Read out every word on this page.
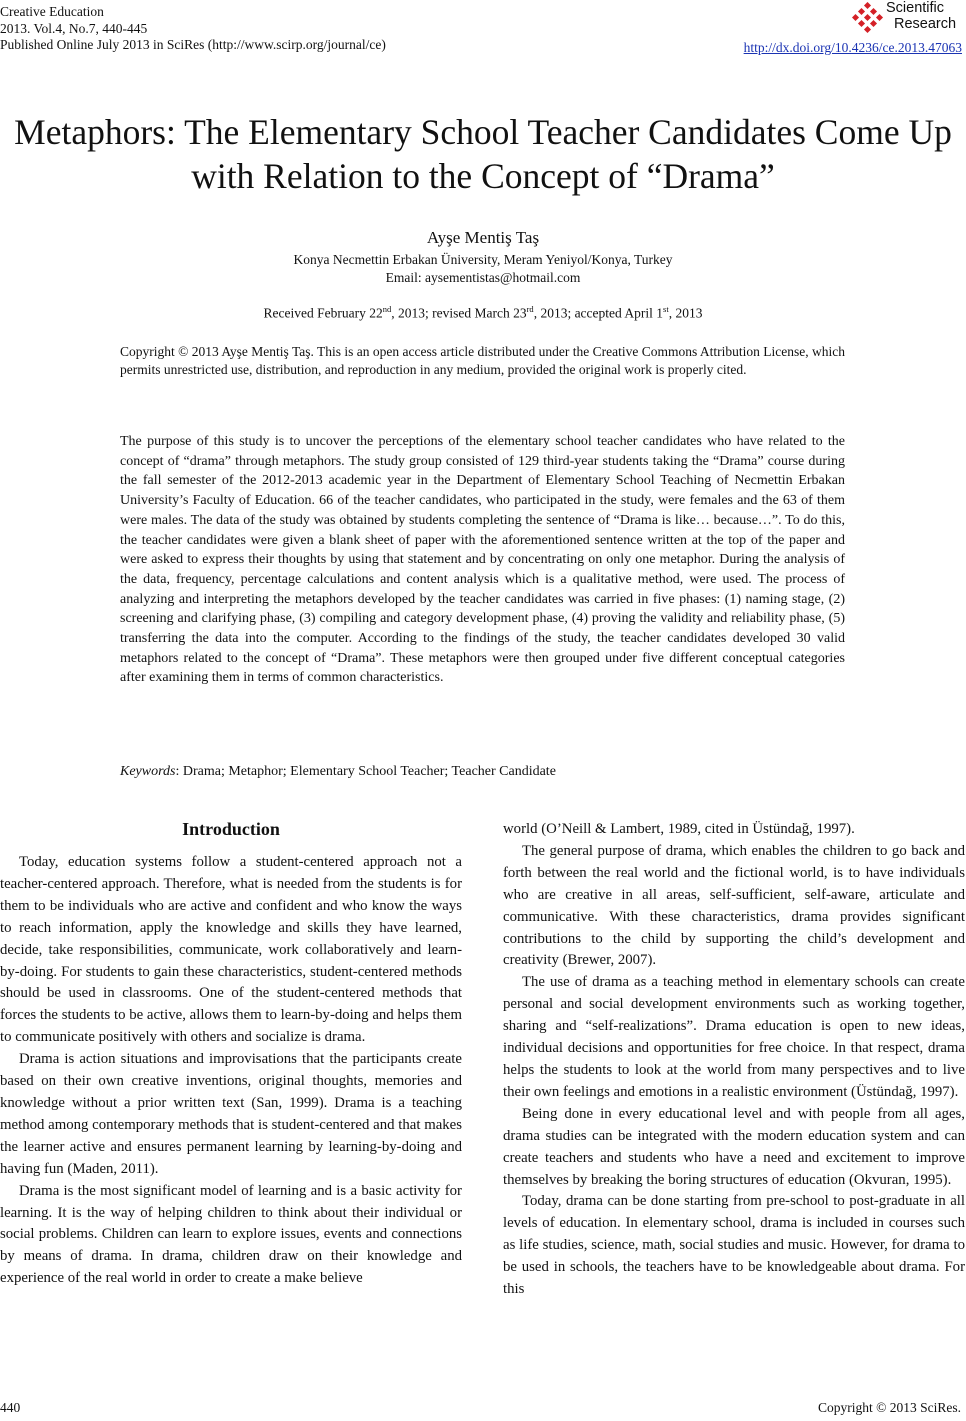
Creative Education
2013. Vol.4, No.7, 440-445
Published Online July 2013 in SciRes (http://www.scirp.org/journal/ce)
Scientific
Research
http://dx.doi.org/10.4236/ce.2013.47063
Metaphors: The Elementary School Teacher Candidates Come Up
with Relation to the Concept of “Drama”
Ayşe Mentiş Taş
Konya Necmettin Erbakan Üniversity, Meram Yeniyol/Konya, Turkey
Email: aysementistas@hotmail.com
Received February 22nd, 2013; revised March 23rd, 2013; accepted April 1st, 2013
Copyright © 2013 Ayşe Mentiş Taş. This is an open access article distributed under the Creative Commons Attribution License, which permits unrestricted use, distribution, and reproduction in any medium, provided the original work is properly cited.
The purpose of this study is to uncover the perceptions of the elementary school teacher candidates who have related to the concept of “drama” through metaphors. The study group consisted of 129 third-year students taking the “Drama” course during the fall semester of the 2012-2013 academic year in the Department of Elementary School Teaching of Necmettin Erbakan University’s Faculty of Education. 66 of the teacher candidates, who participated in the study, were females and the 63 of them were males. The data of the study was obtained by students completing the sentence of “Drama is like… because…”. To do this, the teacher candidates were given a blank sheet of paper with the aforementioned sentence written at the top of the paper and were asked to express their thoughts by using that statement and by concentrating on only one metaphor. During the analysis of the data, frequency, percentage calculations and content analysis which is a qualitative method, were used. The process of analyzing and interpreting the metaphors developed by the teacher candidates was carried in five phases: (1) naming stage, (2) screening and clarifying phase, (3) compiling and category development phase, (4) proving the validity and reliability phase, (5) transferring the data into the computer. According to the findings of the study, the teacher candidates developed 30 valid metaphors related to the concept of “Drama”. These metaphors were then grouped under five different conceptual categories after examining them in terms of common characteristics.
Keywords: Drama; Metaphor; Elementary School Teacher; Teacher Candidate
Introduction

Today, education systems follow a student-centered approach not a teacher-centered approach. Therefore, what is needed from the students is for them to be individuals who are active and confident and who know the ways to reach information, apply the knowledge and skills they have learned, decide, take responsibilities, communicate, work collaboratively and learn-by-doing. For students to gain these characteristics, student-centered methods should be used in classrooms. One of the student-centered methods that forces the students to be active, allows them to learn-by-doing and helps them to communicate positively with others and socialize is drama.

Drama is action situations and improvisations that the participants create based on their own creative inventions, original thoughts, memories and knowledge without a prior written text (San, 1999). Drama is a teaching method among contemporary methods that is student-centered and that makes the learner active and ensures permanent learning by learning-by-doing and having fun (Maden, 2011).

Drama is the most significant model of learning and is a basic activity for learning. It is the way of helping children to think about their individual or social problems. Children can learn to explore issues, events and connections by means of drama. In drama, children draw on their knowledge and experience of the real world in order to create a make believe

world (O’Neill & Lambert, 1989, cited in Üstündağ, 1997).

The general purpose of drama, which enables the children to go back and forth between the real world and the fictional world, is to have individuals who are creative in all areas, self-sufficient, self-aware, articulate and communicative. With these characteristics, drama provides significant contributions to the child by supporting the child’s development and creativity (Brewer, 2007).

The use of drama as a teaching method in elementary schools can create personal and social development environments such as working together, sharing and “self-realizations”. Drama education is open to new ideas, individual decisions and opportunities for free choice. In that respect, drama helps the students to look at the world from many perspectives and to live their own feelings and emotions in a realistic environment (Üstündağ, 1997).

Being done in every educational level and with people from all ages, drama studies can be integrated with the modern education system and can create teachers and students who have a need and excitement to improve themselves by breaking the boring structures of education (Okvuran, 1995).

Today, drama can be done starting from pre-school to post-graduate in all levels of education. In elementary school, drama is included in courses such as life studies, science, math, social studies and music. However, for drama to be used in schools, the teachers have to be knowledgeable about drama. For this

440	Copyright © 2013 SciRes.
